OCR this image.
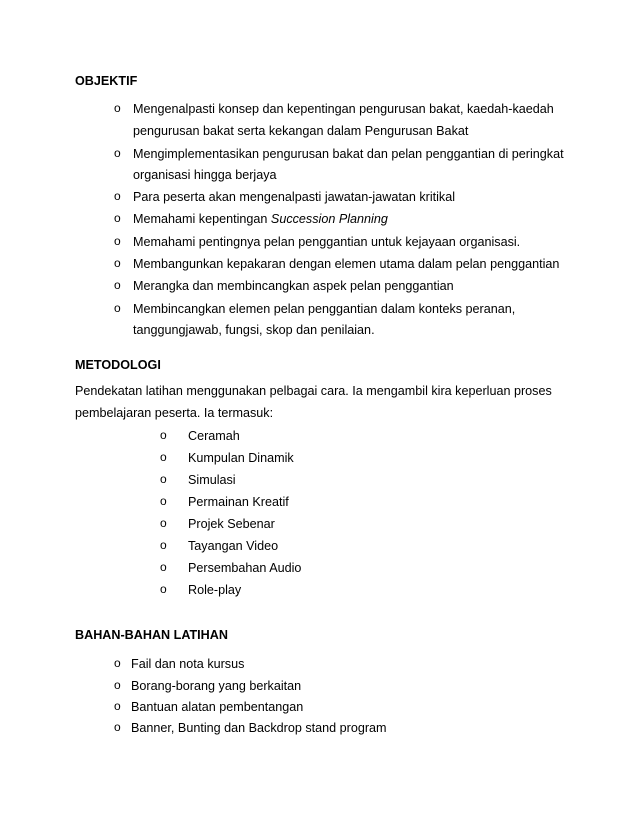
OBJEKTIF
o Mengenalpasti konsep dan kepentingan pengurusan bakat, kaedah-kaedah
pengurusan bakat serta kekangan dalam Pengurusan Bakat
o Mengimplementasikan pengurusan bakat dan pelan penggantian di peringkat
organisasi hingga berjaya
o Para peserta akan mengenalpasti jawatan-jawatan kritikal
o Memahami kepentingan Succession Planning
o Memahami pentingnya pelan penggantian untuk kejayaan organisasi.
o Membangunkan kepakaran dengan elemen utama dalam pelan penggantian
o Merangka dan membincangkan aspek pelan penggantian
o Membincangkan elemen pelan penggantian dalam konteks peranan,
tanggungjawab, fungsi, skop dan penilaian.
METODOLOGI
Pendekatan latihan menggunakan pelbagai cara. Ia mengambil kira keperluan proses
pembelajaran peserta. Ia termasuk:
o Ceramah
o Kumpulan Dinamik
o Simulasi
o Permainan Kreatif
o Projek Sebenar
o Tayangan Video
o Persembahan Audio
o Role-play
BAHAN-BAHAN LATIHAN
o Fail dan nota kursus
o Borang-borang yang berkaitan
o Bantuan alatan pembentangan
o Banner, Bunting dan Backdrop stand program
